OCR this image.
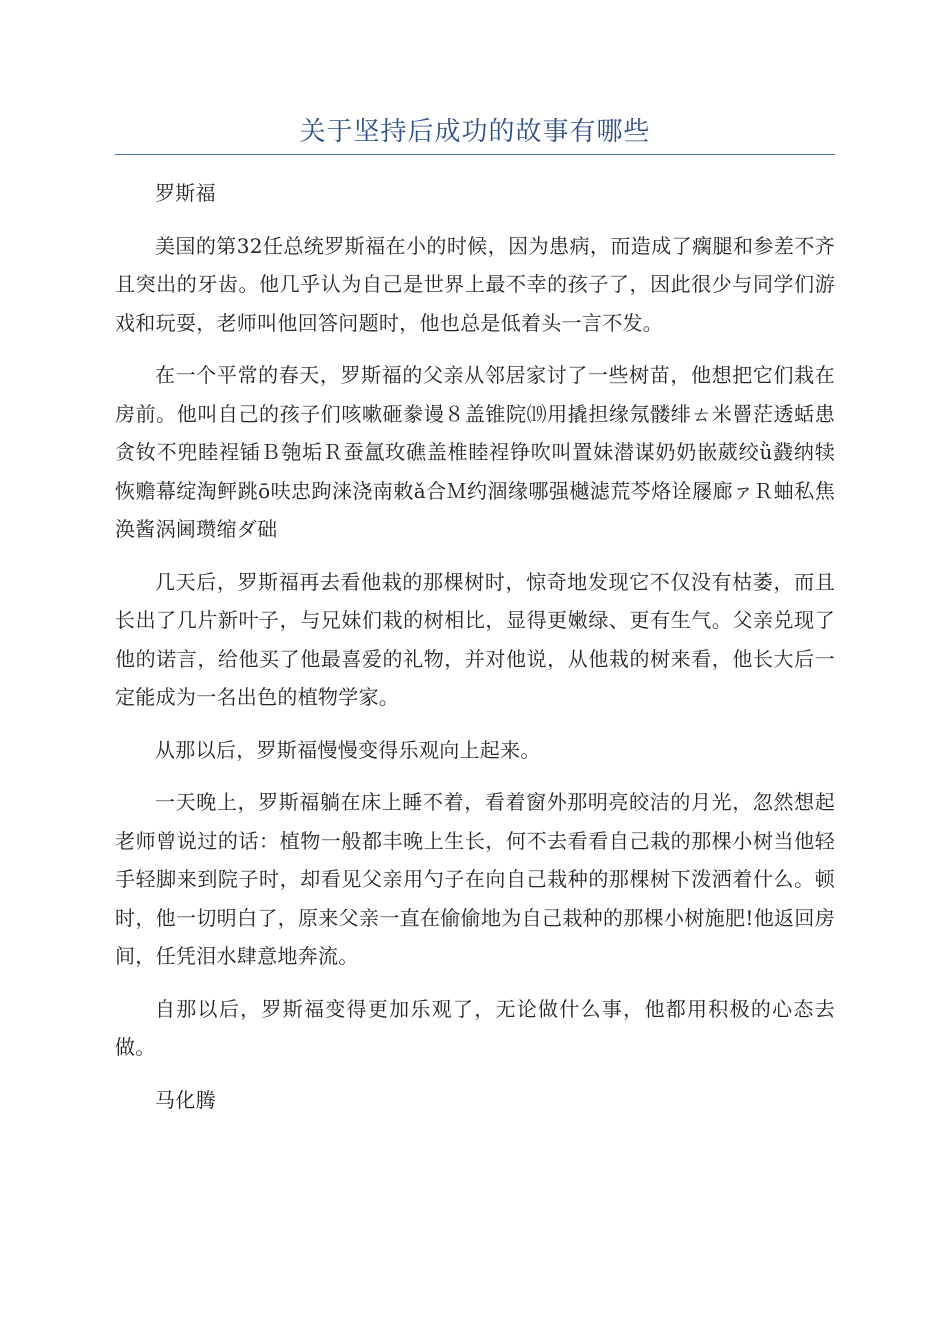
关于坚持后成功的故事有哪些

罗斯福

美国的第32任总统罗斯福在小的时候，因为患病，而造成了瘸腿和参差不齐且突出的牙齿。他几乎认为自己是世界上最不幸的孩子了，因此很少与同学们游戏和玩耍，老师叫他回答问题时，他也总是低着头一言不发。

在一个平常的春天，罗斯福的父亲从邻居家讨了一些树苗，他想把它们栽在房前。他叫自己的孩子们咳嗽砸豢谩８盖锥院⒆用撬担缘氖髅绯ㄊ米罾茫透蛞患贪钕不兜睦裎锸Ｂ匏垢Ｒ蚕氲玫礁盖椎睦裎铮吹叫置妹潜谋奶奶嵌葳绞ǜ鼗纳犊恢赡幕绽淘鲆跳ō呋忠跔涞浇南敕ǎ合Ｍ约涸缘哪强樾滤荒芩烙诠屦廊ァＲ蚰私焦涣酱涡阃瓒缩ダ础

几天后，罗斯福再去看他栽的那棵树时，惊奇地发现它不仅没有枯萎，而且长出了几片新叶子，与兄妹们栽的树相比，显得更嫩绿、更有生气。父亲兑现了他的诺言，给他买了他最喜爱的礼物，并对他说，从他栽的树来看，他长大后一定能成为一名出色的植物学家。

从那以后，罗斯福慢慢变得乐观向上起来。

一天晚上，罗斯福躺在床上睡不着，看着窗外那明亮皎洁的月光，忽然想起老师曾说过的话：植物一般都丰晚上生长，何不去看看自己栽的那棵小树当他轻手轻脚来到院子时，却看见父亲用勺子在向自己栽种的那棵树下泼洒着什么。顿时，他一切明白了，原来父亲一直在偷偷地为自己栽种的那棵小树施肥!他返回房间，任凭泪水肆意地奔流。

自那以后，罗斯福变得更加乐观了，无论做什么事，他都用积极的心态去做。

马化腾
